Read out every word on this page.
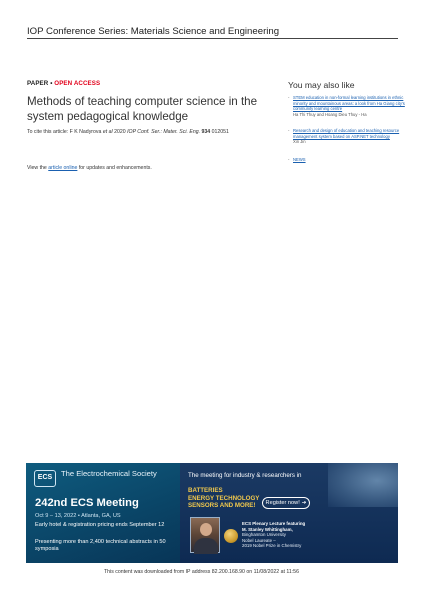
IOP Conference Series: Materials Science and Engineering
PAPER • OPEN ACCESS
Methods of teaching computer science in the system pedagogical knowledge
To cite this article: F K Nadyrova et al 2020 IOP Conf. Ser.: Mater. Sci. Eng. 934 012051
View the article online for updates and enhancements.
You may also like
- STEM education in non-formal learning institutions in ethnic minority and mountainous areas: a look from Ha Giang city's community learning centre
Ha Thi Thuy and Hoang Dieu Thuy - Ha
- Research and design of education and teaching resource management system based on ASP.NET technology
Xin Jin
- NEWS
ECS	The Electrochemical Society
242nd ECS Meeting
Oct 9 – 13, 2022 • Atlanta, GA, US
Early hotel & registration pricing ends September 12
Presenting more than 2,400 technical abstracts in 50 symposia
The meeting for industry & researchers in
BATTERIES
ENERGY TECHNOLOGY
SENSORS AND MORE!	Register now! ➔
ECS Plenary Lecture featuring
M. Stanley Whittingham,
Binghamton University
Nobel Laureate –
2019 Nobel Prize in Chemistry
This content was downloaded from IP address 82.200.168.90 on 11/08/2022 at 11:56
